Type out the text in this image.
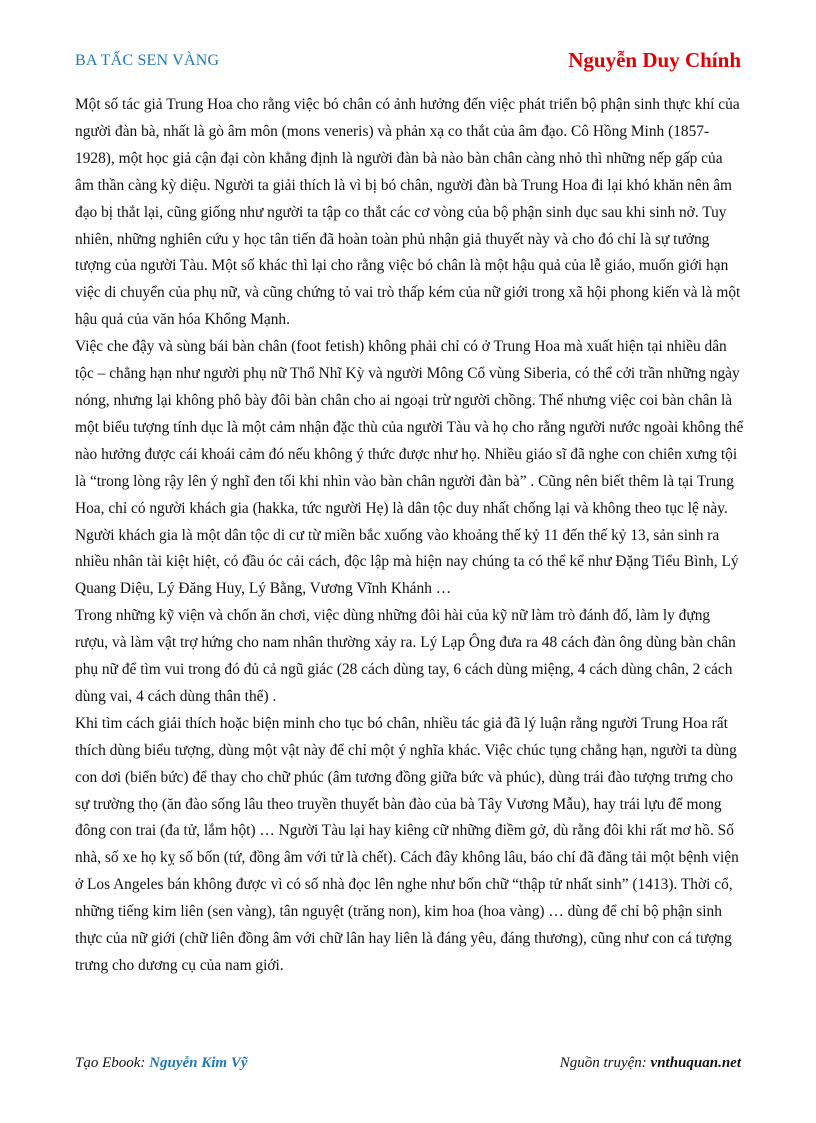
BA TẤC SEN VÀNG	Nguyễn Duy Chính

Một số tác giả Trung Hoa cho rằng việc bó chân có ảnh hưởng đến việc phát triển bộ phận sinh thực khí của người đàn bà, nhất là gò âm môn (mons veneris) và phản xạ co thắt của âm đạo. Cô Hồng Minh (1857-1928), một học giả cận đại còn khẳng định là người đàn bà nào bàn chân càng nhỏ thì những nếp gấp của âm thần càng kỳ diệu. Người ta giải thích là vì bị bó chân, người đàn bà Trung Hoa đi lại khó khăn nên âm đạo bị thắt lại, cũng giống như người ta tập co thắt các cơ vòng của bộ phận sinh dục sau khi sinh nở. Tuy nhiên, những nghiên cứu y học tân tiến đã hoàn toàn phủ nhận giả thuyết này và cho đó chỉ là sự tưởng tượng của người Tàu. Một số khác thì lại cho rằng việc bó chân là một hậu quả của lễ giáo, muốn giới hạn việc di chuyển của phụ nữ, và cũng chứng tỏ vai trò thấp kém của nữ giới trong xã hội phong kiến và là một hậu quả của văn hóa Khổng Mạnh.

Việc che đậy và sùng bái bàn chân (foot fetish) không phải chỉ có ở Trung Hoa mà xuất hiện tại nhiều dân tộc – chẳng hạn như người phụ nữ Thổ Nhĩ Kỳ và người Mông Cổ vùng Siberia, có thể cởi trần những ngày nóng, nhưng lại không phô bày đôi bàn chân cho ai ngoại trừ người chồng. Thế nhưng việc coi bàn chân là một biểu tượng tính dục là một cảm nhận đặc thù của người Tàu và họ cho rằng người nước ngoài không thể nào hưởng được cái khoái cảm đó nếu không ý thức được như họ. Nhiều giáo sĩ đã nghe con chiên xưng tội là “trong lòng rậy lên ý nghĩ đen tối khi nhìn vào bàn chân người đàn bà” . Cũng nên biết thêm là tại Trung Hoa, chỉ có người khách gia (hakka, tức người Hẹ) là dân tộc duy nhất chống lại và không theo tục lệ này. Người khách gia là một dân tộc di cư từ miền bắc xuống vào khoảng thế kỷ 11 đến thế kỷ 13, sản sinh ra nhiều nhân tài kiệt hiệt, có đầu óc cải cách, độc lập mà hiện nay chúng ta có thể kể như Đặng Tiểu Bình, Lý Quang Diệu, Lý Đăng Huy, Lý Bằng, Vương Vĩnh Khánh …

Trong những kỹ viện và chốn ăn chơi, việc dùng những đôi hài của kỹ nữ làm trò đánh đố, làm ly đựng rượu, và làm vật trợ hứng cho nam nhân thường xảy ra. Lý Lạp Ông đưa ra 48 cách đàn ông dùng bàn chân phụ nữ để tìm vui trong đó đủ cả ngũ giác (28 cách dùng tay, 6 cách dùng miệng, 4 cách dùng chân, 2 cách dùng vai, 4 cách dùng thân thể) .

Khi tìm cách giải thích hoặc biện minh cho tục bó chân, nhiều tác giả đã lý luận rằng người Trung Hoa rất thích dùng biểu tượng, dùng một vật này để chỉ một ý nghĩa khác. Việc chúc tụng chẳng hạn, người ta dùng con dơi (biển bức) để thay cho chữ phúc (âm tương đồng giữa bức và phúc), dùng trái đào tượng trưng cho sự trường thọ (ăn đào sống lâu theo truyền thuyết bàn đào của bà Tây Vương Mẫu), hay trái lựu để mong đông con trai (đa tử, lắm hột) … Người Tàu lại hay kiêng cữ những điềm gở, dù rằng đôi khi rất mơ hồ. Số nhà, số xe họ kỵ số bốn (tứ, đồng âm với tử là chết). Cách đây không lâu, báo chí đã đăng tải một bệnh viện ở Los Angeles bán không được vì có số nhà đọc lên nghe như bốn chữ “thập tử nhất sinh” (1413). Thời cổ, những tiếng kim liên (sen vàng), tân nguyệt (trăng non), kim hoa (hoa vàng) … dùng để chỉ bộ phận sinh thực của nữ giới (chữ liên đồng âm với chữ lân hay liên là đáng yêu, đáng thương), cũng như con cá tượng trưng cho dương cụ của nam giới.

Tạo Ebook: Nguyễn Kim Vỹ	Nguồn truyện: vnthuquan.net
